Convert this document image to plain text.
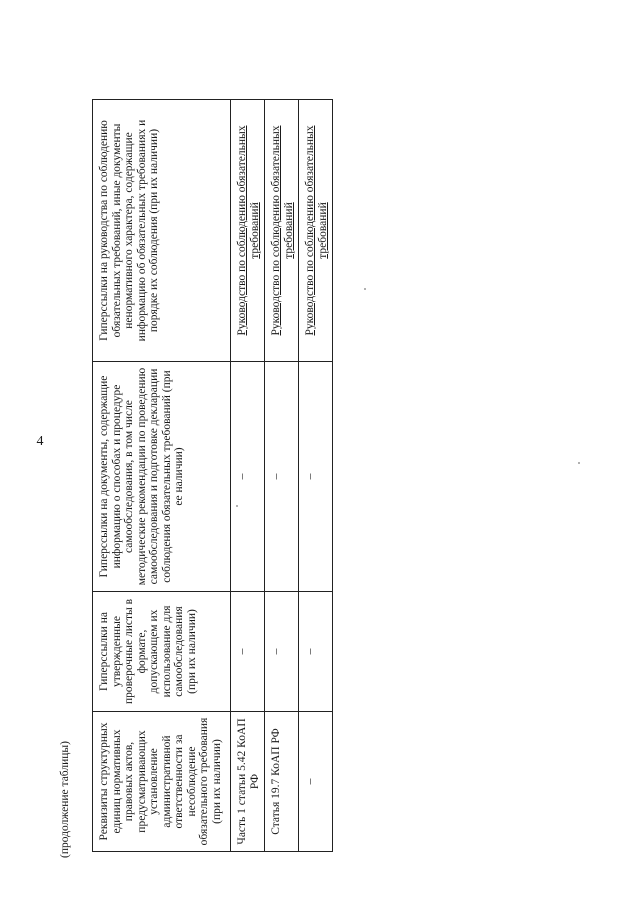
4
(продолжение таблицы) Реквизиты структурных единиц нормативных правовых актов, предусматривающих установление административной ответственности за несоблюдение обязательного требования (при их наличии)	Гиперссылки на утвержденные проверочные листы в формате, допускающем их использование для самообследования (при их наличии)	Гиперссылки на документы, содержащие информацию о способах и процедуре самообследования, в том числе методические рекомендации по проведению самообследования и подготовке декларации соблюдения обязательных требований (при ее наличии)	Гиперссылки на руководства по соблюдению обязательных требований, иные документы ненормативного характера, содержащие информацию об обязательных требованиях и порядке их соблюдения (при их наличии)
Часть 1 статьи 5.42 КоАП РФ	–	–	Руководство по соблюдению обязательных требований
Статья 19.7 КоАП РФ	–	–	Руководство по соблюдению обязательных требований
–	–	–	Руководство по соблюдению обязательных требований
